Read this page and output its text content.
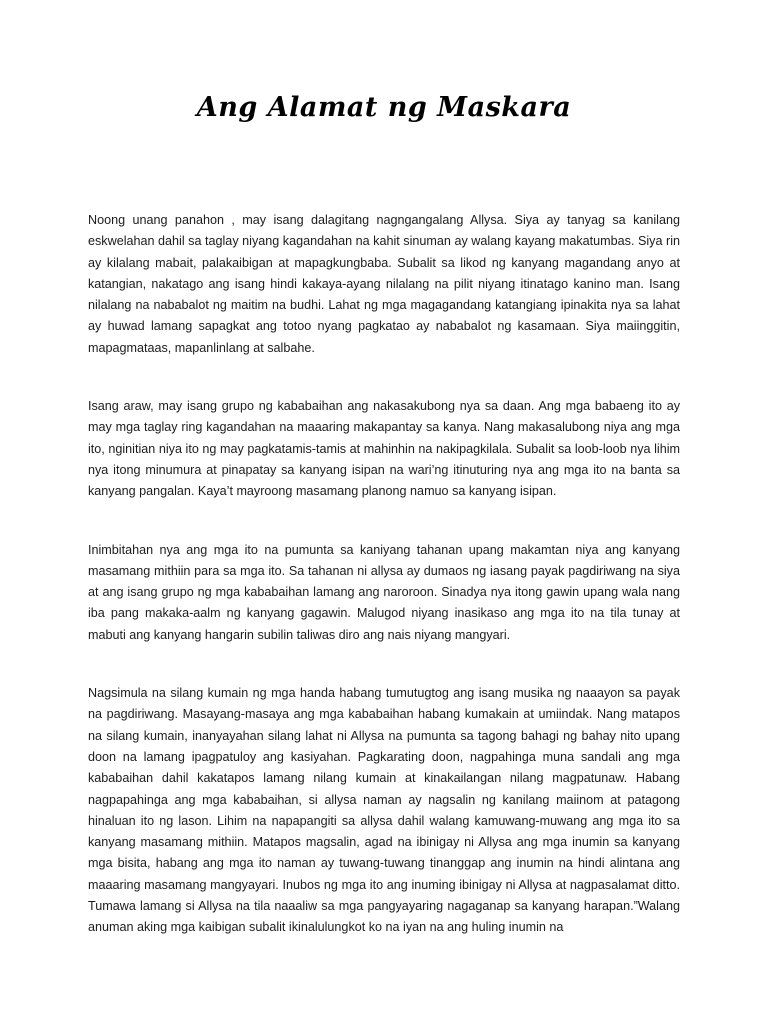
Ang Alamat ng Maskara

Noong unang panahon , may isang dalagitang nagngangalang Allysa. Siya ay tanyag sa kanilang eskwelahan dahil sa taglay niyang kagandahan na kahit sinuman ay walang kayang makatumbas. Siya rin ay kilalang mabait, palakaibigan at mapagkungbaba. Subalit sa likod ng kanyang magandang anyo at katangian, nakatago ang isang hindi kakaya-ayang nilalang na pilit niyang itinatago kanino man. Isang nilalang na nababalot ng maitim na budhi. Lahat ng mga magagandang katangiang ipinakita nya sa lahat ay huwad lamang sapagkat ang totoo nyang pagkatao ay nababalot ng kasamaan. Siya maiinggitin, mapagmataas, mapanlinlang at salbahe.

Isang araw, may isang grupo ng kababaihan ang nakasakubong nya sa daan. Ang mga babaeng ito ay may mga taglay ring kagandahan na maaaring makapantay sa kanya. Nang makasalubong niya ang mga ito, nginitian niya ito ng may pagkatamis-tamis at mahinhin na nakipagkilala. Subalit sa loob-loob nya lihim nya itong minumura at pinapatay sa kanyang isipan na wari’ng itinuturing nya ang mga ito na banta sa kanyang pangalan. Kaya’t mayroong masamang planong namuo sa kanyang isipan.

Inimbitahan nya ang mga ito na pumunta sa kaniyang tahanan upang makamtan niya ang kanyang masamang mithiin para sa mga ito. Sa tahanan ni allysa ay dumaos ng iasang payak pagdiriwang na siya at ang isang grupo ng mga kababaihan lamang ang naroroon. Sinadya nya itong gawin upang wala nang iba pang makaka-aalm ng kanyang gagawin. Malugod niyang inasikaso ang mga ito na tila tunay at mabuti ang kanyang hangarin subilin taliwas diro ang nais niyang mangyari.

Nagsimula na silang kumain ng mga handa habang tumutugtog ang isang musika ng naaayon sa payak na pagdiriwang. Masayang-masaya ang mga kababaihan habang kumakain at umiindak. Nang matapos na silang kumain, inanyayahan silang lahat ni Allysa na pumunta sa tagong bahagi ng bahay nito upang doon na lamang ipagpatuloy ang kasiyahan. Pagkarating doon, nagpahinga muna sandali ang mga kababaihan dahil kakatapos lamang nilang kumain at kinakailangan nilang magpatunaw. Habang nagpapahinga ang mga kababaihan, si allysa naman ay nagsalin ng kanilang maiinom at patagong hinaluan ito ng lason. Lihim na napapangiti sa allysa dahil walang kamuwang-muwang ang mga ito sa kanyang masamang mithiin. Matapos magsalin, agad na ibinigay ni Allysa ang mga inumin sa kanyang mga bisita, habang ang mga ito naman ay tuwang-tuwang tinanggap ang inumin na hindi alintana ang maaaring masamang mangyayari. Inubos ng mga ito ang inuming ibinigay ni Allysa at nagpasalamat ditto. Tumawa lamang si Allysa na tila naaaliw sa mga pangyayaring nagaganap sa kanyang harapan.”Walang anuman aking mga kaibigan subalit ikinalulungkot ko na iyan na ang huling inumin na
